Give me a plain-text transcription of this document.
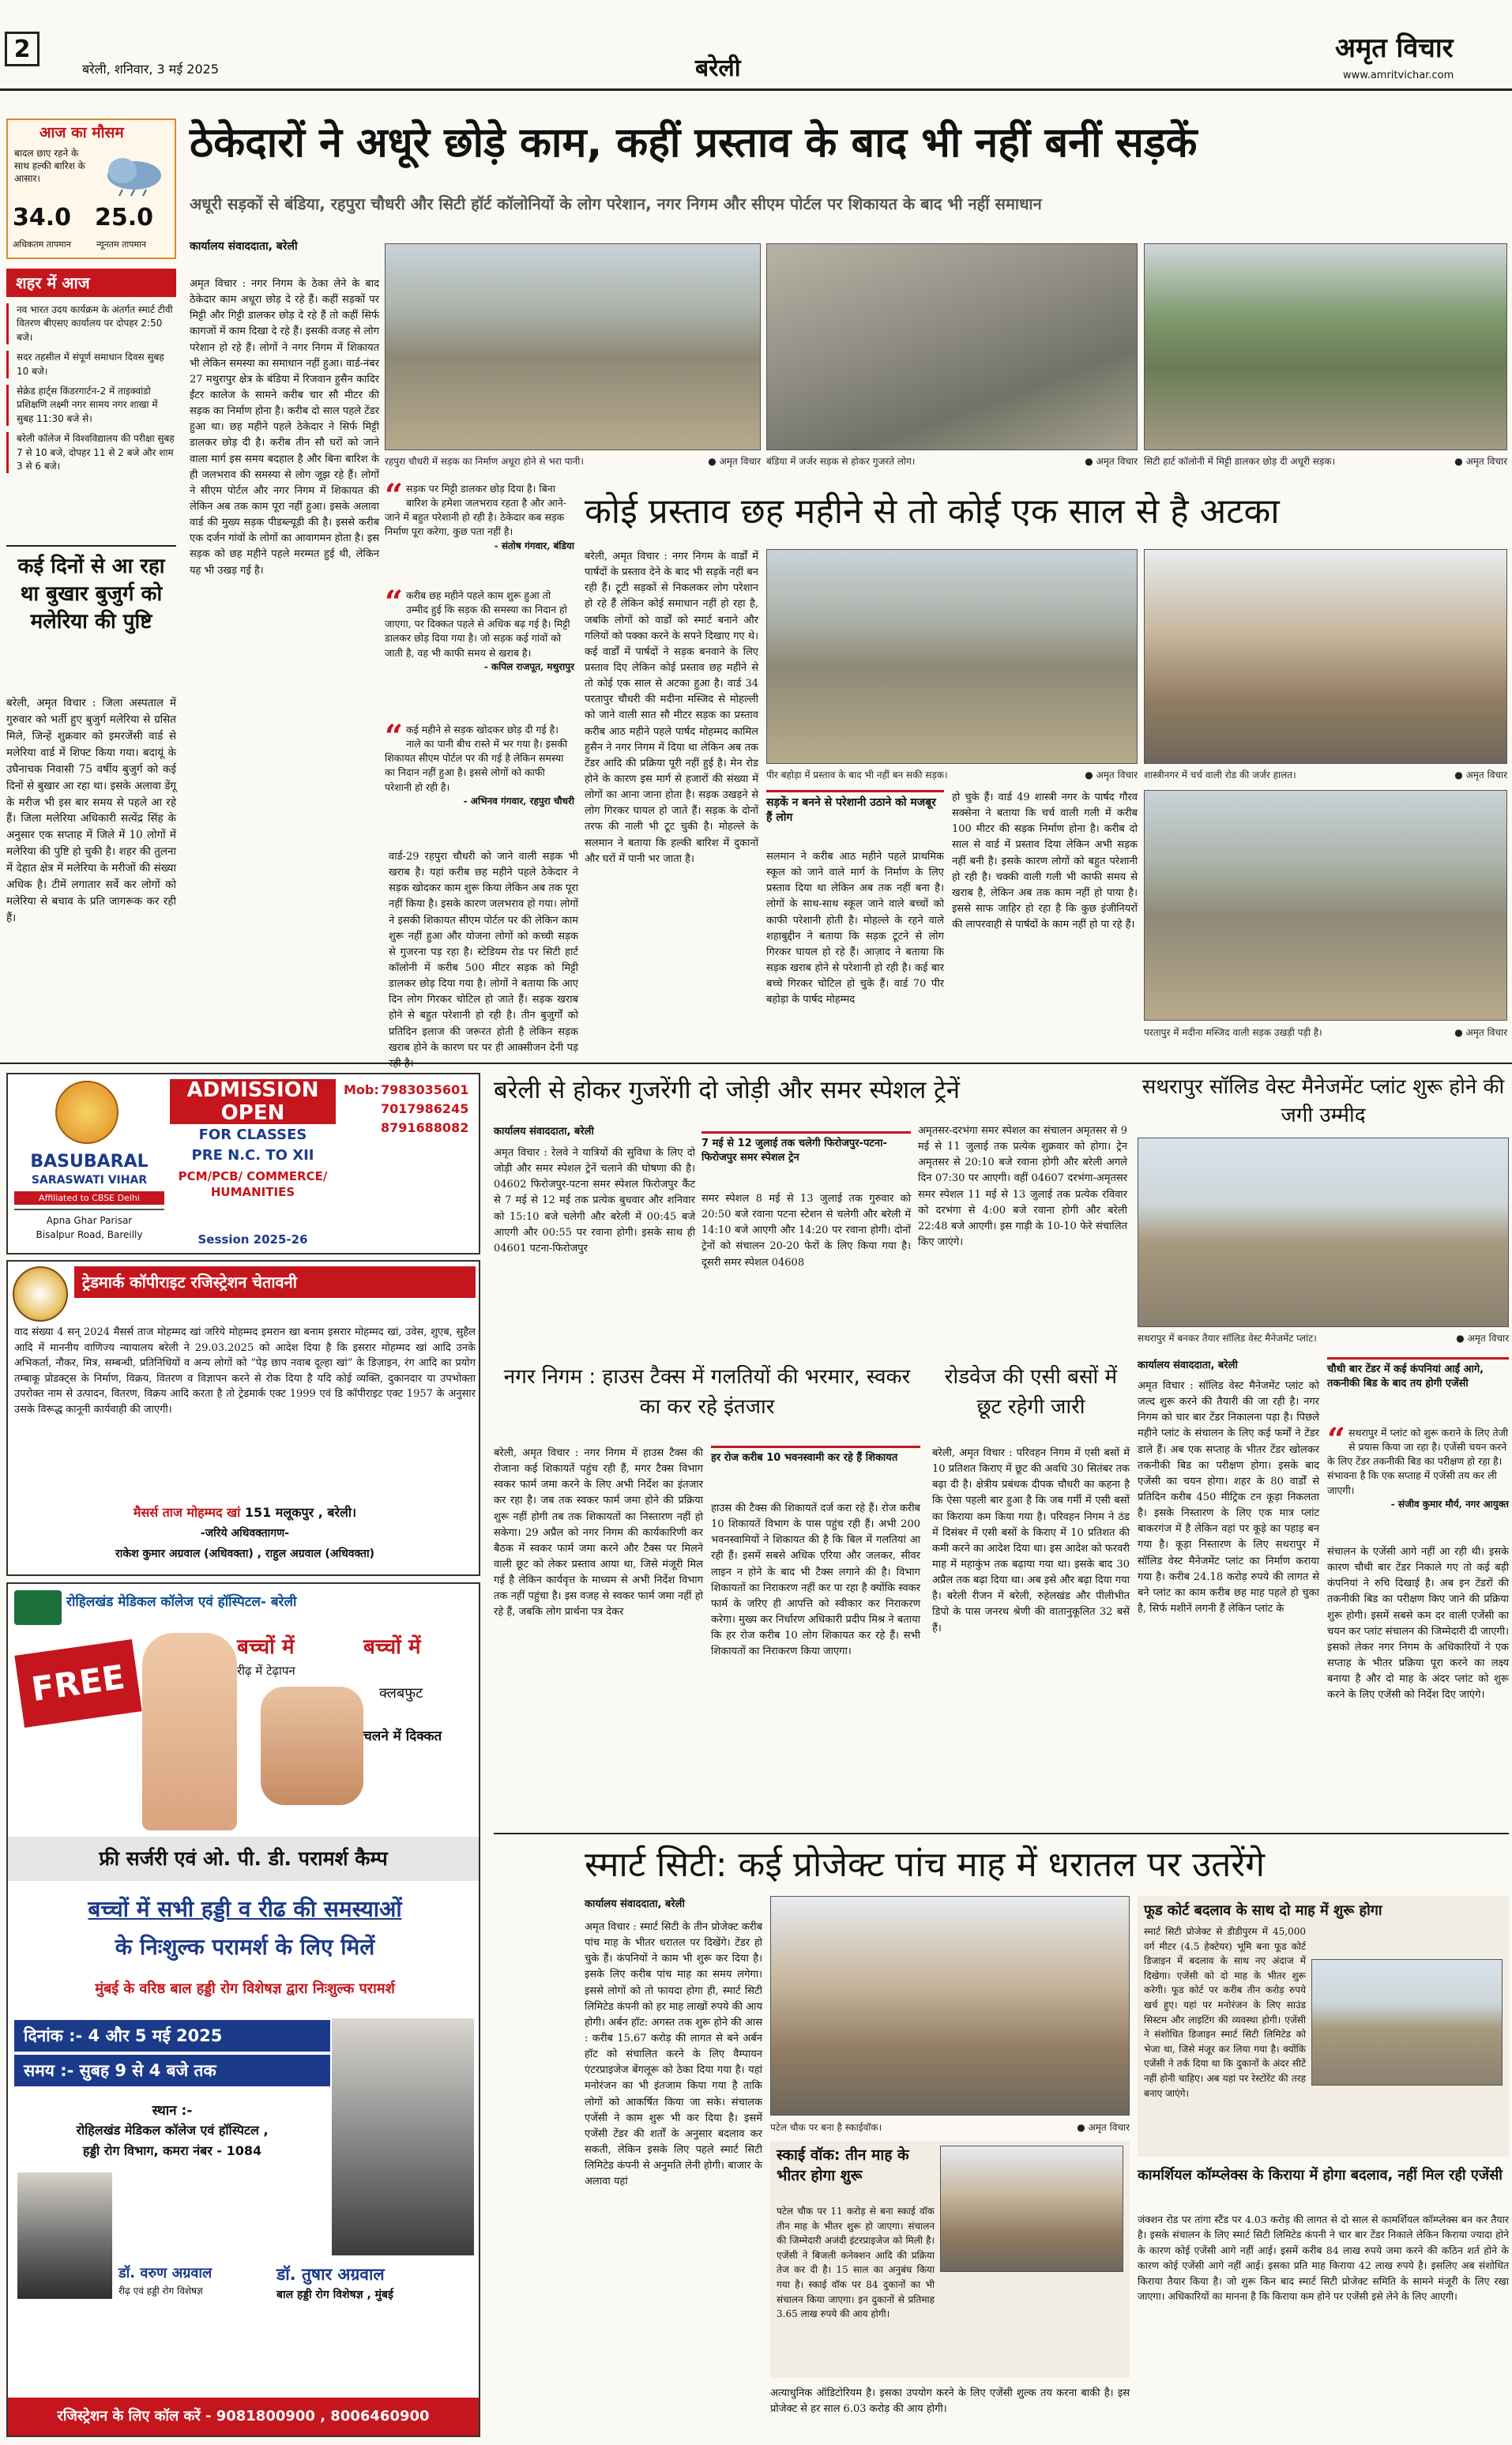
2
बरेली, शनिवार, 3 मई 2025	बरेली
अमृत विचार
www.amritvichar.com
आज का मौसम
बादल छाए रहने के साथ हल्की बारिश के आसार।
34.0 25.0
अधिकतम तापमान	न्यूनतम तापमान
शहर में आज
नव भारत उदय कार्यक्रम के अंतर्गत स्मार्ट टीवी वितरण बीएसए कार्यालय पर दोपहर 2:50 बजे।
सदर तहसील में संपूर्ण समाधान दिवस सुबह 10 बजे।
सेक्रेड हार्ट्स किंडरगार्टन-2 में ताइक्वांडो प्रशिक्षणि लक्ष्मी नगर सामय नगर शाखा में सुबह 11:30 बजे से।
बरेली कॉलेज में विश्वविद्यालय की परीक्षा सुबह 7 से 10 बजे, दोपहर 11 से 2 बजे और शाम 3 से 6 बजे।
कई दिनों से आ रहा था बुखार बुजुर्ग को मलेरिया की पुष्टि
बरेली, अमृत विचार : जिला अस्पताल में गुरुवार को भर्ती हुए बुजुर्ग मलेरिया से ग्रसित मिले, जिन्हें शुक्रवार को इमरजेंसी वार्ड से मलेरिया वार्ड में शिफ्ट किया गया। बदायूं के उघैनाचक निवासी 75 वर्षीय बुजुर्ग को कई दिनों से बुखार आ रहा था। इसके अलावा डेंगू के मरीज भी इस बार समय से पहले आ रहे हैं। जिला मलेरिया अधिकारी सत्येंद्र सिंह के अनुसार एक सप्ताह में जिले में 10 लोगों में मलेरिया की पुष्टि हो चुकी है। शहर की तुलना में देहात क्षेत्र में मलेरिया के मरीजों की संख्या अधिक है। टीमें लगातार सर्वे कर लोगों को मलेरिया से बचाव के प्रति जागरूक कर रही हैं।
ठेकेदारों ने अधूरे छोड़े काम, कहीं प्रस्ताव के बाद भी नहीं बनीं सड़कें
अधूरी सड़कों से बंडिया, रहपुरा चौधरी और सिटी हॉर्ट कॉलोनियों के लोग परेशान, नगर निगम और सीएम पोर्टल पर शिकायत के बाद भी नहीं समाधान
कार्यालय संवाददाता, बरेली
अमृत विचार : नगर निगम के ठेका लेने के बाद ठेकेदार काम अधूरा छोड़ दे रहे हैं। कहीं सड़कों पर मिट्टी और गिट्टी डालकर छोड़ दे रहे हैं तो कहीं सिर्फ कागजों में काम दिखा दे रहे हैं। इसकी वजह से लोग परेशान हो रहे हैं। लोगों ने नगर निगम में शिकायत भी लेकिन समस्या का समाधान नहीं हुआ। वार्ड-नंबर 27 मथुरापुर क्षेत्र के बंडिया में रिजवान हुसैन कादिर ईंटर कालेज के सामने करीब चार सौ मीटर की सड़क का निर्माण होना है। करीब दो साल पहले टेंडर हुआ था। छह महीने पहले ठेकेदार ने सिर्फ मिट्टी डालकर छोड़ दी है। करीब तीन सौ घरों को जाने वाला मार्ग इस समय बदहाल है और बिना बारिश के ही जलभराव की समस्या से लोग जूझ रहे हैं। लोगों ने सीएम पोर्टल और नगर निगम में शिकायत की लेकिन अब तक काम पूरा नहीं हुआ। इसके अलावा वार्ड की मुख्य सड़क पीडब्ल्यूडी की है। इससे करीब एक दर्जन गांवों के लोगों का आवागमन होता है। इस सड़क को छह महीने पहले मरम्मत हुई थी, लेकिन यह भी उखड़ गई है।
वार्ड-29 रहपुरा चौधरी को जाने वाली सड़क भी खराब है। यहां करीब छह महीने पहले ठेकेदार ने सड़क खोदकर काम शुरू किया लेकिन अब तक पूरा नहीं किया है। इसके कारण जलभराव हो गया। लोगों ने इसकी शिकायत सीएम पोर्टल पर की लेकिन काम शुरू नहीं हुआ और योजना लोगों को कच्ची सड़क से गुजरना पड़ रहा है। स्टेडियम रोड पर सिटी हार्ट कॉलोनी में करीब 500 मीटर सड़क को मिट्टी डालकर छोड़ दिया गया है। लोगों ने बताया कि आए दिन लोग गिरकर चोटिल हो जाते हैं। सड़क खराब होने से बहुत परेशानी हो रही है। तीन बुजुर्गों को प्रतिदिन इलाज की जरूरत होती है लेकिन सड़क खराब होने के कारण घर पर ही आक्सीजन देनी पड़
रहपुरा चौधरी में सड़क का निर्माण अधूरा होने से भरा पानी।	● अमृत विचार बंडिया में जर्जर सड़क से होकर गुजरते लोग।	● अमृत विचार सिटी हार्ट कॉलोनी में मिट्टी डालकर छोड़ दी अधूरी सड़क।	● अमृत विचार
“ सड़क पर मिट्टी डालकर छोड़ दिया है। बिना बारिश के हमेशा जलभराव रहता है और आने-जाने में बहुत परेशानी हो रही है। ठेकेदार कब सड़क निर्माण पूरा करेगा, कुछ पता नहीं है।
- संतोष गंगवार, बंडिया
“ करीब छह महीने पहले काम शुरू हुआ तो उम्मीद हुई कि सड़क की समस्या का निदान हो जाएगा, पर दिक्कत पहले से अधिक बढ़ गई है। मिट्टी डालकर छोड़ दिया गया है। जो सड़क कई गांवों को जाती है, वह भी काफी समय से खराब है।
- कपिल राजपूत, मथुरापुर
“ कई महीने से सड़क खोदकर छोड़ दी गई है। नाले का पानी बीच रास्ते में भर गया है। इसकी शिकायत सीएम पोर्टल पर की गई है लेकिन समस्या का निदान नहीं हुआ है। इससे लोगों को काफी परेशानी हो रही है।
- अभिनव गंगवार, रहपुरा चौधरी
कोई प्रस्ताव छह महीने से तो कोई एक साल से है अटका
बरेली, अमृत विचार : नगर निगम के वार्डों में पार्षदों के प्रस्ताव देने के बाद भी सड़कें नहीं बन रही हैं। टूटी सड़कों से निकलकर लोग परेशान हो रहे हैं लेकिन कोई समाधान नहीं हो रहा है, जबकि लोगों को वार्डों को स्मार्ट बनाने और गलियों को पक्का करने के सपने दिखाए गए थे। कई वार्डों में पार्षदों ने सड़क बनवाने के लिए प्रस्ताव दिए लेकिन कोई प्रस्ताव छह महीने से तो कोई एक साल से अटका हुआ है। वार्ड 34 परतापुर चौधरी की मदीना मस्जिद से मोहल्ली को जाने वाली सात सौ मीटर सड़क का प्रस्ताव करीब आठ महीने पहले पार्षद मोहम्मद कामिल हुसैन ने नगर निगम में दिया था लेकिन अब तक टेंडर आदि की प्रक्रिया पूरी नहीं हुई है। मेन रोड होने के कारण इस मार्ग से हजारों की संख्या में लोगों का आना जाना होता है। सड़क उखड़ने से लोग गिरकर घायल हो जाते हैं। सड़क के दोनों तरफ की नाली भी टूट चुकी है। मोहल्ले के सलमान ने बताया कि हल्की बारिश में दुकानों और घरों में पानी भर जाता है।
पीर बहोड़ा में प्रस्ताव के बाद भी नहीं बन सकी सड़क।	● अमृत विचार शास्त्रीनगर में चर्च वाली रोड की जर्जर हालत।	● अमृत विचार
सड़कें न बनने से परेशानी उठाने को मजबूर हैं लोग
सलमान ने करीब आठ महीने पहले प्राथमिक स्कूल को जाने वाले मार्ग के निर्माण के लिए प्रस्ताव दिया था लेकिन अब तक नहीं बना है। लोगों के साथ-साथ स्कूल जाने वाले बच्चों को काफी परेशानी होती है। मोहल्ले के रहने वाले शहाबुद्दीन ने बताया कि सड़क टूटने से लोग गिरकर घायल हो रहे हैं। आज़ाद ने बताया कि सड़क खराब होने से परेशानी हो रही है। कई बार बच्चे गिरकर चोटिल हो चुके हैं। वार्ड 70 पीर बहोड़ा के पार्षद मोहम्मद
हो चुके हैं। वार्ड 49 शास्त्री नगर के पार्षद गौरव सक्सेना ने बताया कि चर्च वाली गली में करीब 100 मीटर की सड़क निर्माण होना है। करीब दो साल से वार्ड में प्रस्ताव दिया लेकिन अभी सड़क नहीं बनी है। इसके कारण लोगों को बहुत परेशानी हो रही है। चक्की वाली गली भी काफी समय से खराब है, लेकिन अब तक काम नहीं हो पाया है। इससे साफ जाहिर हो रहा है कि कुछ इंजीनियरों की लापरवाही से पार्षदों के काम नहीं हो पा रहे हैं।
परतापुर में मदीना मस्जिद वाली सड़क उखड़ी पड़ी है।	● अमृत विचार
BASUBARAL
SARASWATI VIHAR
Affiliated to CBSE Delhi
Apna Ghar Parisar
Bisalpur Road, Bareilly
ADMISSION OPEN
FOR CLASSES
PRE N.C. TO XII
PCM/PCB/ COMMERCE/ HUMANITIES
Session 2025-26
Mob: 7983035601
7017986245
8791688082
ट्रेडमार्क कॉपीराइट रजिस्ट्रेशन चेतावनी
वाद संख्या 4 सन् 2024 मैसर्स ताज मोहम्मद खां जरिये मोहम्मद इमरान खा बनाम इसरार मोहम्मद खां, उवेस, शुएब, सुहैल आदि में माननीय वाणिज्य न्यायालय बरेली ने 29.03.2025 को आदेश दिया है कि इसरार मोहम्मद खां आदि उनके अभिकर्ता, नौकर, मित्र, सम्बन्धी, प्रतिनिधियों व अन्य लोगों को “पेड़ छाप नवाब दूल्हा खां” के डिज़ाइन, रंग आदि का प्रयोग तम्बाकू प्रोडक्ट्स के निर्माण, विक्रय, वितरण व विज्ञापन करने से रोक दिया है यदि कोई व्यक्ति, दुकानदार या उपभोक्ता उपरोक्त नाम से उत्पादन, वितरण, विक्रय आदि करता है तो ट्रेडमार्क एक्ट 1999 एवं डि कॉपीराइट एक्ट 1957 के अनुसार उसके विरूद्ध कानूनी कार्यवाही की जाएगी।
मैसर्स ताज मोहम्मद खां 151 मलूकपुर , बरेली।
-जरिये अधिवक्तागण-
राकेश कुमार अग्रवाल (अधिवक्ता) , राहुल अग्रवाल (अधिवक्ता)
रोहिलखंड मेडिकल कॉलेज एवं हॉस्पिटल- बरेली
FREE
बच्चों में
रीढ़ में टेढ़ापन
बच्चों में
क्लबफुट
चलने में दिक्कत
फ्री सर्जरी एवं ओ. पी. डी. परामर्श कैम्प
बच्चों में सभी हड्डी व रीढ की समस्याओं
के निःशुल्क परामर्श के लिए मिलें
मुंबई के वरिष्ठ बाल हड्डी रोग विशेषज्ञ द्वारा निःशुल्क परामर्श
दिनांक :- 4 और 5 मई 2025
समय :- सुबह 9 से 4 बजे तक
स्थान :-
रोहिलखंड मेडिकल कॉलेज एवं हॉस्पिटल ,
हड्डी रोग विभाग, कमरा नंबर - 1084
डॉ. वरुण अग्रवाल
रीढ़ एवं हड्डी रोग विशेषज्ञ
डॉ. तुषार अग्रवाल
बाल हड्डी रोग विशेषज्ञ , मुंबई
रजिस्ट्रेशन के लिए कॉल करें - 9081800900 , 8006460900
बरेली से होकर गुजरेंगी दो जोड़ी और समर स्पेशल ट्रेनें
कार्यालय संवाददाता, बरेली
अमृत विचार : रेलवे ने यात्रियों की सुविधा के लिए दो जोड़ी और समर स्पेशल ट्रेनें चलाने की घोषणा की है। 04602 फिरोजपुर-पटना समर स्पेशल फिरोजपुर कैंट से 7 मई से 12 मई तक प्रत्येक बुधवार और शनिवार को 15:10 बजे चलेगी और बरेली में 00:45 बजे आएगी और 00:55 पर रवाना होगी। इसके साथ ही 04601 पटना-फिरोजपुर
7 मई से 12 जुलाई तक चलेगी फिरोजपुर-पटना-फिरोजपुर समर स्पेशल ट्रेन
समर स्पेशल 8 मई से 13 जुलाई तक गुरुवार को 20:50 बजे रवाना पटना स्टेशन से चलेगी और बरेली में 14:10 बजे आएगी और 14:20 पर रवाना होगी। दोनों ट्रेनों को संचालन 20-20 फेरों के लिए किया गया है। दूसरी समर स्पेशल 04608
अमृतसर-दरभंगा समर स्पेशल का संचालन अमृतसर से 9 मई से 11 जुलाई तक प्रत्येक शुक्रवार को होगा। ट्रेन अमृतसर से 20:10 बजे रवाना होगी और बरेली अगले दिन 07:30 पर आएगी। वहीं 04607 दरभंगा-अमृतसर समर स्पेशल 11 मई से 13 जुलाई तक प्रत्येक रविवार को दरभंगा से 4:00 बजे रवाना होगी और बरेली 22:48 बजे आएगी। इस गाड़ी के 10-10 फेरे संचालित किए जाएंगे।
सथरापुर सॉलिड वेस्ट मैनेजमेंट प्लांट शुरू होने की जगी उम्मीद
सथरापुर में बनकर तैयार सॉलिड वेस्ट मैनेजमेंट प्लांट।	● अमृत विचार
कार्यालय संवाददाता, बरेली
अमृत विचार : सॉलिड वेस्ट मैनेजमेंट प्लांट को जल्द शुरू करने की तैयारी की जा रही है। नगर निगम को चार बार टेंडर निकालना पड़ा है। पिछले महीने प्लांट के संचालन के लिए कई फर्मों ने टेंडर डाले हैं। अब एक सप्ताह के भीतर टेंडर खोलकर तकनीकी बिड का परीक्षण होगा। इसके बाद एजेंसी का चयन होगा। शहर के 80 वार्डों से प्रतिदिन करीब 450 मीट्रिक टन कूड़ा निकलता है। इसके निस्तारण के लिए एक मात्र प्लांट बाकरगंज में है लेकिन वहां पर कूड़े का पहाड़ बन गया है। कूड़ा निस्तारण के लिए सथरापुर में सॉलिड वेस्ट मैनेजमेंट प्लांट का निर्माण कराया गया है। करीब 24.18 करोड़ रुपये की लागत से बने प्लांट का काम करीब छह माह पहले हो चुका है, सिर्फ मशीनें लगनी हैं लेकिन प्लांट के
चौथी बार टेंडर में कई कंपनियां आईं आगे, तकनीकी बिड के बाद तय होगी एजेंसी
“ सथरापुर में प्लांट को शुरू कराने के लिए तेजी से प्रयास किया जा रहा है। एजेंसी चयन करने के लिए टेंडर तकनीकी बिड का परीक्षण हो रहा है। संभावना है कि एक सप्ताह में एजेंसी तय कर ली जाएगी।
- संजीव कुमार मौर्य, नगर आयुक्त
संचालन के एजेंसी आगे नहीं आ रही थी। इसके कारण चौथी बार टेंडर निकाले गए तो कई बड़ी कंपनियां ने रुचि दिखाई है। अब इन टेंडरों की तकनीकी बिड का परीक्षण किए जाने की प्रक्रिया शुरू होगी। इसमें सबसे कम दर वाली एजेंसी का चयन कर प्लांट संचालन की जिम्मेदारी दी जाएगी। इसको लेकर नगर निगम के अधिकारियों ने एक सप्ताह के भीतर प्रक्रिया पूरा करने का लक्ष्य बनाया है और दो माह के अंदर प्लांट को शुरू करने के लिए एजेंसी को निर्देश दिए जाएंगे।
नगर निगम : हाउस टैक्स में गलतियों की भरमार, स्वकर का कर रहे इंतजार
बरेली, अमृत विचार : नगर निगम में हाउस टैक्स की रोजाना कई शिकायतें पहुंच रही हैं, मगर टैक्स विभाग स्वकर फार्म जमा करने के लिए अभी निर्देश का इंतजार कर रहा है। जब तक स्वकर फार्म जमा होने की प्रक्रिया शुरू नहीं होगी तब तक शिकायतों का निस्तारण नहीं हो सकेगा। 29 अप्रैल को नगर निगम की कार्यकारिणी कर बैठक में स्वकर फार्म जमा करने और टैक्स पर मिलने वाली छूट को लेकर प्रस्ताव आया था, जिसे मंजूरी मिल गई है लेकिन कार्यवृत्त के माध्यम से अभी निर्देश विभाग तक नहीं पहुंचा है। इस वजह से स्वकर फार्म जमा नहीं हो रहे हैं, जबकि लोग प्रार्थना पत्र देकर
हर रोज करीब 10 भवनस्वामी कर रहे हैं शिकायत
हाउस की टैक्स की शिकायतें दर्ज करा रहे हैं। रोज करीब 10 शिकायतें विभाग के पास पहुंच रही हैं। अभी 200 भवनस्वामियों ने शिकायत की है कि बिल में गलतियां आ रही हैं। इसमें सबसे अधिक एरिया और जलकर, सीवर लाइन न होने के बाद भी टैक्स लगाने की है। विभाग शिकायतों का निराकरण नहीं कर पा रहा है क्योंकि स्वकर फार्म के जरिए ही आपत्ति को स्वीकार कर निराकरण करेगा। मुख्य कर निर्धारण अधिकारी प्रदीप मिश्र ने बताया कि हर रोज करीब 10 लोग शिकायत कर रहे हैं। सभी शिकायतों का निराकरण किया जाएगा।
रोडवेज की एसी बसों में छूट रहेगी जारी
बरेली, अमृत विचार : परिवहन निगम में एसी बसों में 10 प्रतिशत किराए में छूट की अवधि 30 सितंबर तक बढ़ा दी है। क्षेत्रीय प्रबंधक दीपक चौधरी का कहना है कि ऐसा पहली बार हुआ है कि जब गर्मी में एसी बसों का किराया कम किया गया है। परिवहन निगम ने ठंड में दिसंबर में एसी बसों के किराए में 10 प्रतिशत की कमी करने का आदेश दिया था। इस आदेश को फरवरी माह में महाकुंभ तक बढ़ाया गया था। इसके बाद 30 अप्रैल तक बढ़ा दिया था। अब इसे और बढ़ा दिया गया है। बरेली रीजन में बरेली, रुहेलखंड और पीलीभीत डिपो के पास जनरथ श्रेणी की वातानुकूलित 32 बसें हैं।
स्मार्ट सिटी: कई प्रोजेक्ट पांच माह में धरातल पर उतरेंगे
कार्यालय संवाददाता, बरेली
अमृत विचार : स्मार्ट सिटी के तीन प्रोजेक्ट करीब पांच माह के भीतर धरातल पर दिखेंगे। टेंडर हो चुके हैं। कंपनियों ने काम भी शुरू कर दिया है। इसके लिए करीब पांच माह का समय लगेगा। इससे लोगों को तो फायदा होगा ही, स्मार्ट सिटी लिमिटेड कंपनी को हर माह लाखों रुपये की आय होगी। अर्बन हॉट: अगस्त तक शुरू होने की आस : करीब 15.67 करोड़ की लागत से बने अर्बन हॉट को संचालित करने के लिए वैम्पायन एंटरप्राइजेज बेंगलूरू को ठेका दिया गया है। यहां मनोरंजन का भी इंतजाम किया गया है ताकि लोगों को आकर्षित किया जा सके। संचालक एजेंसी ने काम शुरू भी कर दिया है। इसमें एजेंसी टेंडर की शर्तों के अनुसार बदलाव कर सकती, लेकिन इसके लिए पहले स्मार्ट सिटी लिमिटेड कंपनी से अनुमति लेनी होगी। बाजार के अलावा यहां
पटेल चौक पर बना है स्काईवॉक।	● अमृत विचार
स्काई वॉक: तीन माह के भीतर होगा शुरू
पटेल चौक पर 11 करोड़ से बना स्काई वॉक तीन माह के भीतर शुरू हो जाएगा। संचालन की जिम्मेदारी अजंदी इंटरप्राइजेज को मिली है। एजेंसी ने बिजली कनेक्शन आदि की प्रक्रिया तेज कर दी है। 15 साल का अनुबंध किया गया है। स्काई वॉक पर 84 दुकानों का भी संचालन किया जाएगा। इन दुकानों से प्रतिमाह 3.65 लाख रुपये की आय होगी।
अत्याधुनिक ऑडिटोरियम है। इसका उपयोग करने के लिए एजेंसी शुल्क तय करना बाकी है। इस प्रोजेक्ट से हर साल 6.03 करोड़ की आय होगी।
फूड कोर्ट बदलाव के साथ दो माह में शुरू होगा
स्मार्ट सिटी प्रोजेक्ट से डीडीपुरम में 45,000 वर्ग मीटर (4.5 हेक्टेयर) भूमि बना फूड कोर्ट डिजाइन में बदलाव के साथ नए अंदाज में दिखेगा। एजेंसी को दो माह के भीतर शुरू करेगी। फूड कोर्ट पर करीब तीन करोड़ रुपये खर्च हुए। यहां पर मनोरंजन के लिए साउंड सिस्टम और लाइटिंग की व्यवस्था होगी। एजेंसी ने संशोधित डिजाइन स्मार्ट सिटी लिमिटेड को भेजा था, जिसे मंजूर कर लिया गया है। क्योंकि एजेंसी ने तर्क दिया था कि दुकानों के अंदर सीटें नहीं होनी चाहिए। अब यहां पर रेस्टोरेंट की तरह बनाए जाएंगे।
कामर्शियल कॉम्प्लेक्स के किराया में होगा बदलाव, नहीं मिल रही एजेंसी
जंक्शन रोड पर तांगा स्टैंड पर 4.03 करोड़ की लागत से दो साल से कामर्शियल कॉम्प्लेक्स बन कर तैयार है। इसके संचालन के लिए स्मार्ट सिटी लिमिटेड कंपनी ने चार बार टेंडर निकाले लेकिन किराया ज्यादा होने के कारण कोई एजेंसी आगे नहीं आई। इसमें करीब 84 लाख रुपये जमा करने की कठिन शर्त होने के कारण कोई एजेंसी आगे नहीं आई। इसका प्रति माह किराया 42 लाख रुपये है। इसलिए अब संशोधित किराया तैयार किया है। जो शुरू किन बाद स्मार्ट सिटी प्रोजेक्ट समिति के सामने मंजूरी के लिए रखा जाएगा। अधिकारियों का मानना है कि किराया कम होने पर एजेंसी इसे लेने के लिए आएगी।
